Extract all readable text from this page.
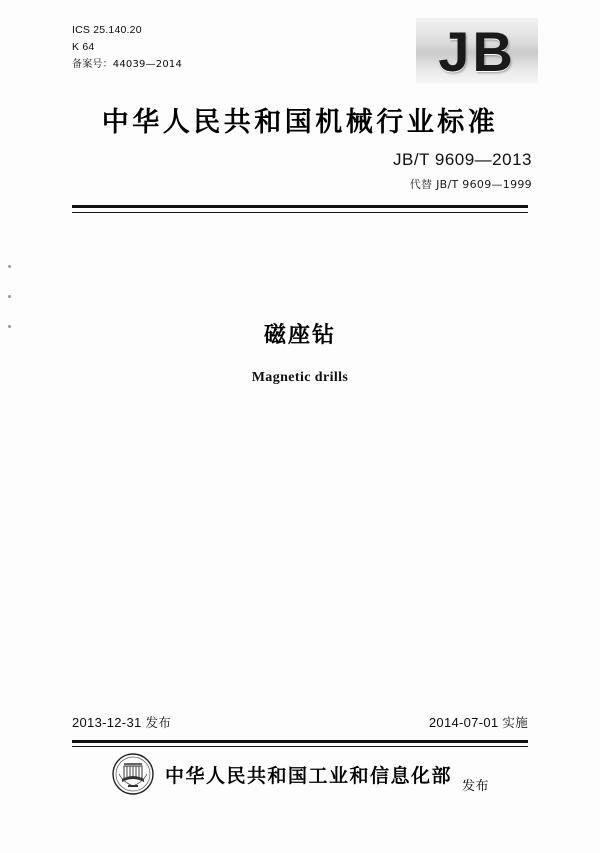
ICS 25.140.20
K 64
备案号：44039—2014	JB
中华人民共和国机械行业标准
JB/T 9609—2013
代替 JB/T 9609—1999
磁座钻
Magnetic drills
2013-12-31 发布	2014-07-01 实施
中华人民共和国工业和信息化部 发布
